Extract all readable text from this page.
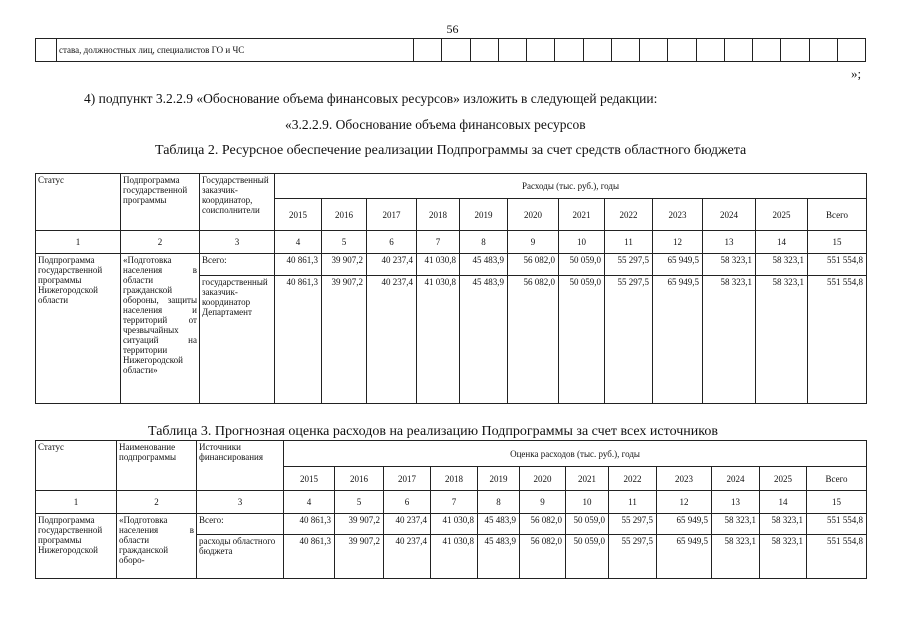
56
	става, должностных лиц, специалистов ГО и ЧС																
»;
4) подпункт 3.2.2.9 «Обоснование объема финансовых ресурсов» изложить в следующей редакции:
«3.2.2.9. Обоснование объема финансовых ресурсов
Таблица 2. Ресурсное обеспечение реализации Подпрограммы за счет средств областного бюджета
Статус	Подпрограмма государственной программы	Государственный заказчик-координатор, соисполнители	Расходы (тыс. руб.), годы											
			2015	2016	2017	2018	2019	2020	2021	2022	2023	2024	2025	Всего
1	2	3	4	5	6	7	8	9	10	11	12	13	14	15
Подпрограмма государственной программы Нижегородской области	«Подготовка населения в области гражданской обороны, защиты населения и территорий от чрезвычайных ситуаций на территории Нижегородской области»	Всего:	40 861,3	39 907,2	40 237,4	41 030,8	45 483,9	56 082,0	50 059,0	55 297,5	65 949,5	58 323,1	58 323,1	551 554,8
		государственный заказчик-координатор Департамент	40 861,3	39 907,2	40 237,4	41 030,8	45 483,9	56 082,0	50 059,0	55 297,5	65 949,5	58 323,1	58 323,1	551 554,8
Таблица 3. Прогнозная оценка расходов на реализацию Подпрограммы за счет всех источников
Статус	Наименование подпрограммы	Источники финансирования	Оценка расходов (тыс. руб.), годы											
			2015	2016	2017	2018	2019	2020	2021	2022	2023	2024	2025	Всего
1	2	3	4	5	6	7	8	9	10	11	12	13	14	15
Подпрограмма государственной программы Нижегородской	«Подготовка населения в области гражданской оборо-	Всего:	40 861,3	39 907,2	40 237,4	41 030,8	45 483,9	56 082,0	50 059,0	55 297,5	65 949,5	58 323,1	58 323,1	551 554,8
		расходы областного бюджета	40 861,3	39 907,2	40 237,4	41 030,8	45 483,9	56 082,0	50 059,0	55 297,5	65 949,5	58 323,1	58 323,1	551 554,8
